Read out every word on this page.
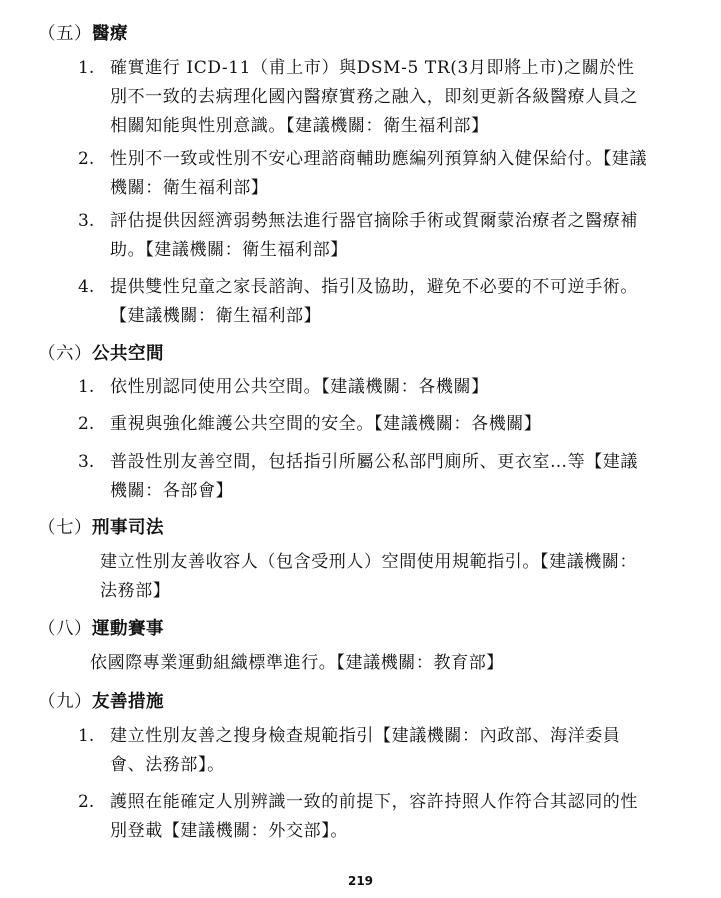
（五）醫療
1. 確實進行 ICD-11（甫上市）與DSM-5 TR(3月即將上市)之關於性別不一致的去病理化國內醫療實務之融入，即刻更新各級醫療人員之相關知能與性別意識。【建議機關：衛生福利部】
2. 性別不一致或性別不安心理諮商輔助應編列預算納入健保給付。【建議機關：衛生福利部】
3. 評估提供因經濟弱勢無法進行器官摘除手術或賀爾蒙治療者之醫療補助。【建議機關：衛生福利部】
4. 提供雙性兒童之家長諮詢、指引及協助，避免不必要的不可逆手術。【建議機關：衛生福利部】
（六）公共空間
1. 依性別認同使用公共空間。【建議機關：各機關】
2. 重視與強化維護公共空間的安全。【建議機關：各機關】
3. 普設性別友善空間，包括指引所屬公私部門廁所、更衣室…等【建議機關：各部會】
（七）刑事司法
建立性別友善收容人（包含受刑人）空間使用規範指引。【建議機關：法務部】
（八）運動賽事
依國際專業運動組織標準進行。【建議機關：教育部】
（九）友善措施
1. 建立性別友善之搜身檢查規範指引【建議機關：內政部、海洋委員會、法務部】。
2. 護照在能確定人別辨識一致的前提下，容許持照人作符合其認同的性別登載【建議機關：外交部】。
219
